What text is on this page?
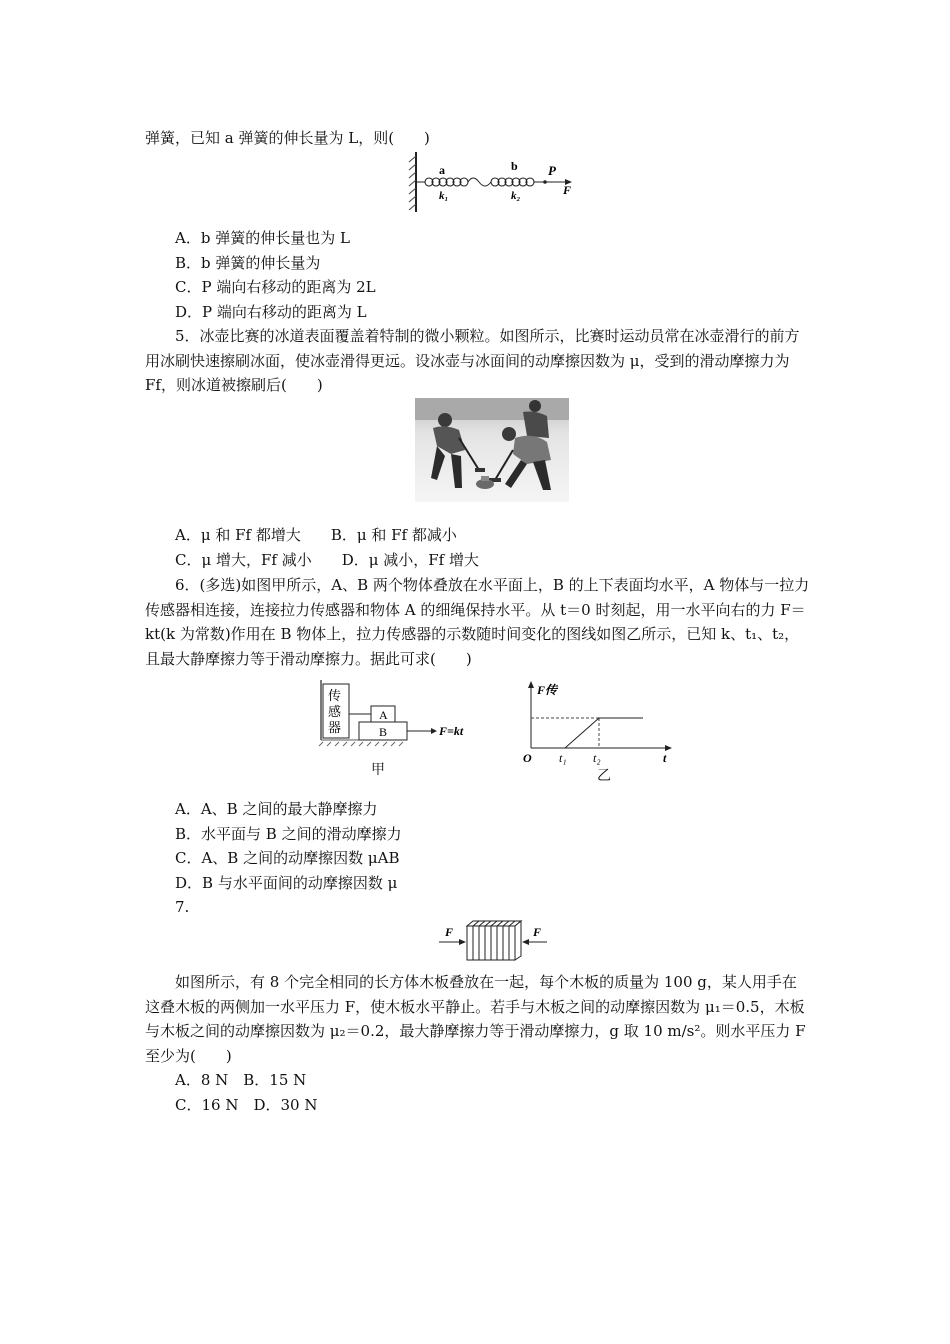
弹簧，已知 a 弹簧的伸长量为 L，则(　　)
a	b
k₁	k₂
P
F
A．b 弹簧的伸长量也为 L
B．b 弹簧的伸长量为
C．P 端向右移动的距离为 2L
D．P 端向右移动的距离为 L
5．冰壶比赛的冰道表面覆盖着特制的微小颗粒。如图所示，比赛时运动员常在冰壶滑行的前方用冰刷快速擦刷冰面，使冰壶滑得更远。设冰壶与冰面间的动摩擦因数为 μ，受到的滑动摩擦力为 Ff，则冰道被擦刷后(　　)
A．μ 和 Ff 都增大　　B．μ 和 Ff 都减小
C．μ 增大，Ff 减小　　D．μ 减小，Ff 增大
6．(多选)如图甲所示，A、B 两个物体叠放在水平面上，B 的上下表面均水平，A 物体与一拉力传感器相连接，连接拉力传感器和物体 A 的细绳保持水平。从 t＝0 时刻起，用一水平向右的力 F＝kt(k 为常数)作用在 B 物体上，拉力传感器的示数随时间变化的图线如图乙所示，已知 k、t₁、t₂，且最大静摩擦力等于滑动摩擦力。据此可求(　　)
传
感
器
A
B	F=kt
甲
F传
O t₁ t₂	t
乙
A．A、B 之间的最大静摩擦力
B．水平面与 B 之间的滑动摩擦力
C．A、B 之间的动摩擦因数 μAB
D．B 与水平面间的动摩擦因数 μ
7.
F	F
如图所示，有 8 个完全相同的长方体木板叠放在一起，每个木板的质量为 100 g，某人用手在这叠木板的两侧加一水平压力 F，使木板水平静止。若手与木板之间的动摩擦因数为 μ₁＝0.5，木板与木板之间的动摩擦因数为 μ₂＝0.2，最大静摩擦力等于滑动摩擦力，g 取 10 m/s²。则水平压力 F 至少为(　　)
A．8 N　B．15 N
C．16 N　D．30 N
